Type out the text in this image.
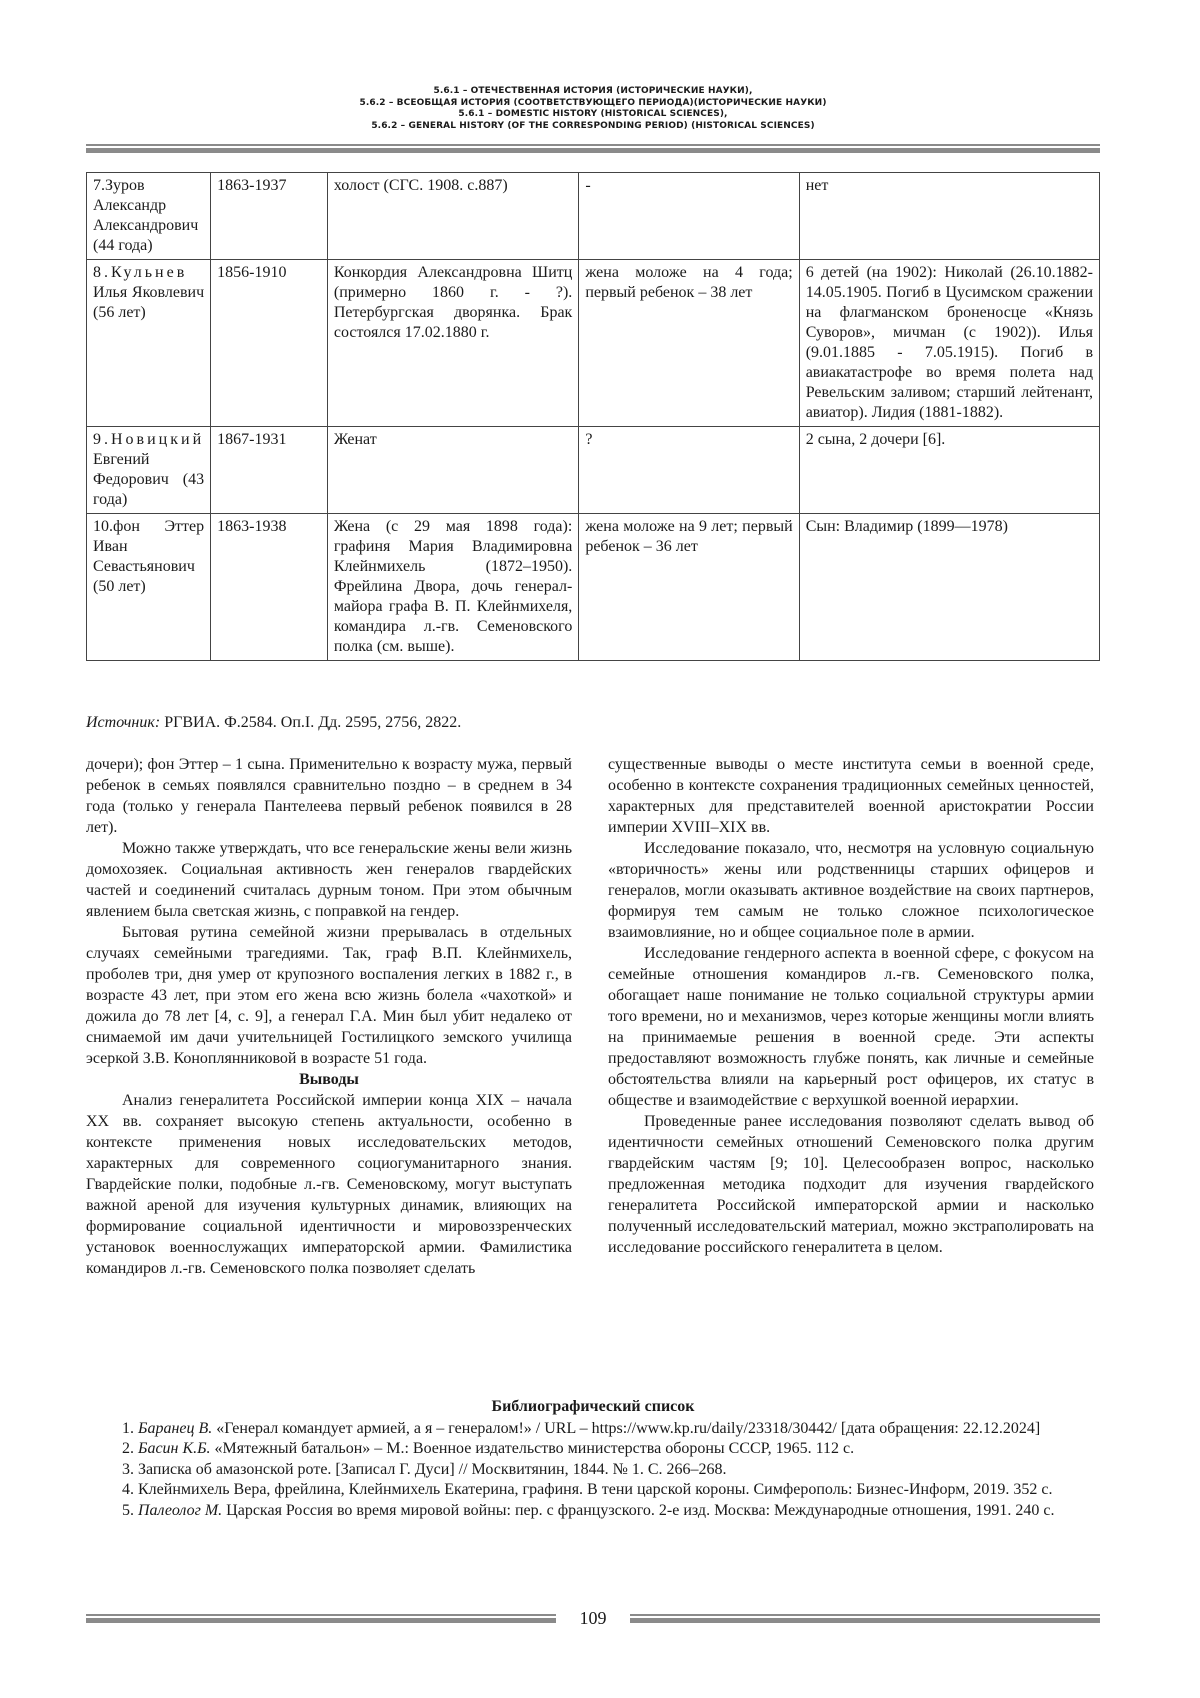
5.6.1 – ОТЕЧЕСТВЕННАЯ ИСТОРИЯ (ИСТОРИЧЕСКИЕ НАУКИ),
5.6.2 – ВСЕОБЩАЯ ИСТОРИЯ (СООТВЕТСТВУЮЩЕГО ПЕРИОДА)(ИСТОРИЧЕСКИЕ НАУКИ)
5.6.1 – DOMESTIC HISTORY (HISTORICAL SCIENCES),
5.6.2 – GENERAL HISTORY (OF THE CORRESPONDING PERIOD) (HISTORICAL SCIENCES)
7.Зуров Александр Александрович (44 года)	1863-1937	холост (СГС. 1908. с.887)	-	нет
8.Кульнев Илья Яковлевич (56 лет)	1856-1910	Конкордия Александровна Шитц (примерно 1860 г. - ?). Петербургская дворянка. Брак состоялся 17.02.1880 г.	жена моложе на 4 года; первый ребенок – 38 лет	6 детей (на 1902): Николай (26.10.1882-14.05.1905. Погиб в Цусимском сражении на флагманском броненосце «Князь Суворов», мичман (с 1902)). Илья (9.01.1885 - 7.05.1915). Погиб в авиакатастрофе во время полета над Ревельским заливом; старший лейтенант, авиатор). Лидия (1881-1882).
9.Новицкий Евгений Федорович (43 года)	1867-1931	Женат	?	2 сына, 2 дочери [6].
10.фон Эттер Иван Севастьянович (50 лет)	1863-1938	Жена (с 29 мая 1898 года): графиня Мария Владимировна Клейнмихель (1872–1950). Фрейлина Двора, дочь генерал-майора графа В. П. Клейнмихеля, командира л.-гв. Семеновского полка (см. выше).	жена моложе на 9 лет; первый ребенок – 36 лет	Сын: Владимир (1899—1978)
Источник: РГВИА. Ф.2584. Оп.I. Дд. 2595, 2756, 2822.

дочери); фон Эттер – 1 сына. Применительно к возрасту мужа, первый ребенок в семьях появлялся сравнительно поздно – в среднем в 34 года (только у генерала Пантелеева первый ребенок появился в 28 лет).

Можно также утверждать, что все генеральские жены вели жизнь домохозяек. Социальная активность жен генералов гвардейских частей и соединений считалась дурным тоном. При этом обычным явлением была светская жизнь, с поправкой на гендер.

Бытовая рутина семейной жизни прерывалась в отдельных случаях семейными трагедиями. Так, граф В.П. Клейнмихель, проболев три, дня умер от крупозного воспаления легких в 1882 г., в возрасте 43 лет, при этом его жена всю жизнь болела «чахоткой» и дожила до 78 лет [4, с. 9], а генерал Г.А. Мин был убит недалеко от снимаемой им дачи учительницей Гостилицкого земского училища эсеркой З.В. Коноплянниковой в возрасте 51 года.

Выводы

Анализ генералитета Российской империи конца XIX – начала XX вв. сохраняет высокую степень актуальности, особенно в контексте применения новых исследовательских методов, характерных для современного социогуманитарного знания. Гвардейские полки, подобные л.-гв. Семеновскому, могут выступать важной ареной для изучения культурных динамик, влияющих на формирование социальной идентичности и мировоззренческих установок военнослужащих императорской армии. Фамилистика командиров л.-гв. Семеновского полка позволяет сделать

существенные выводы о месте института семьи в военной среде, особенно в контексте сохранения традиционных семейных ценностей, характерных для представителей военной аристократии России империи XVIII–XIX вв.

Исследование показало, что, несмотря на условную социальную «вторичность» жены или родственницы старших офицеров и генералов, могли оказывать активное воздействие на своих партнеров, формируя тем самым не только сложное психологическое взаимовлияние, но и общее социальное поле в армии.

Исследование гендерного аспекта в военной сфере, с фокусом на семейные отношения командиров л.-гв. Семеновского полка, обогащает наше понимание не только социальной структуры армии того времени, но и механизмов, через которые женщины могли влиять на принимаемые решения в военной среде. Эти аспекты предоставляют возможность глубже понять, как личные и семейные обстоятельства влияли на карьерный рост офицеров, их статус в обществе и взаимодействие с верхушкой военной иерархии.

Проведенные ранее исследования позволяют сделать вывод об идентичности семейных отношений Семеновского полка другим гвардейским частям [9; 10]. Целесообразен вопрос, насколько предложенная методика подходит для изучения гвардейского генералитета Российской императорской армии и насколько полученный исследовательский материал, можно экстраполировать на исследование российского генералитета в целом.

Библиографический список

1. Баранец В. «Генерал командует армией, а я – генералом!» / URL – https://www.kp.ru/daily/23318/30442/ [дата обращения: 22.12.2024]

2. Басин К.Б. «Мятежный батальон» – М.: Военное издательство министерства обороны СССР, 1965. 112 с.

3. Записка об амазонской роте. [Записал Г. Дуси] // Москвитянин, 1844. № 1. С. 266–268.

4. Клейнмихель Вера, фрейлина, Клейнмихель Екатерина, графиня. В тени царской короны. Симферополь: Бизнес-Информ, 2019. 352 с.

5. Палеолог М. Царская Россия во время мировой войны: пер. с французского. 2-е изд. Москва: Международные отношения, 1991. 240 с.

109
